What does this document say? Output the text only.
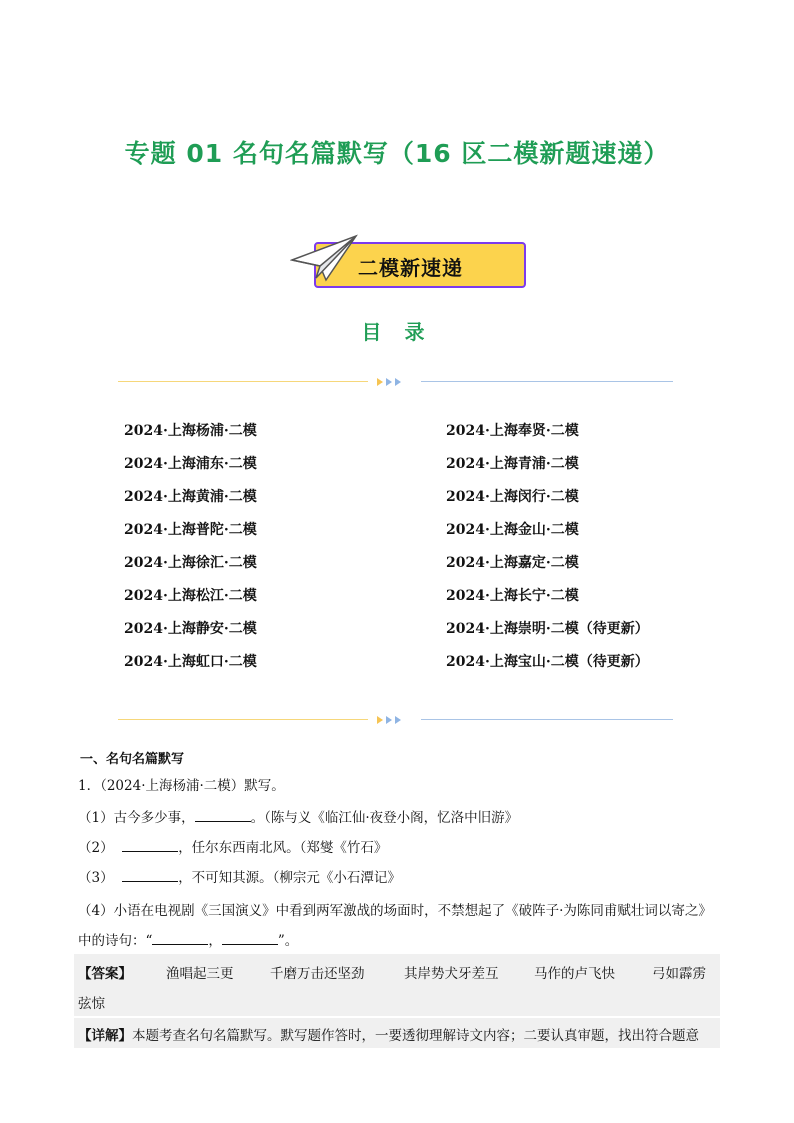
专题 01 名句名篇默写（16 区二模新题速递）
二模新速递
目 录
2024·上海杨浦·二模
2024·上海浦东·二模
2024·上海黄浦·二模
2024·上海普陀·二模
2024·上海徐汇·二模
2024·上海松江·二模
2024·上海静安·二模
2024·上海虹口·二模
2024·上海奉贤·二模
2024·上海青浦·二模
2024·上海闵行·二模
2024·上海金山·二模
2024·上海嘉定·二模
2024·上海长宁·二模
2024·上海崇明·二模（待更新）
2024·上海宝山·二模（待更新）
一、名句名篇默写
1．（2024·上海杨浦·二模）默写。
（1）古今多少事，	。（陈与义《临江仙·夜登小阁，忆洛中旧游》
（2）	，任尔东西南北风。（郑燮《竹石》
（3）	，不可知其源。（柳宗元《小石潭记》
（4）小语在电视剧《三国演义》中看到两军激战的场面时，不禁想起了《破阵子·为陈同甫赋壮词以寄之》
中的诗句：“	，	”。
【答案】	渔唱起三更	千磨万击还坚劲	其岸势犬牙差互	马作的卢飞快	弓如霹雳
弦惊
【详解】本题考查名句名篇默写。默写题作答时，一要透彻理解诗文内容；二要认真审题，找出符合题意
